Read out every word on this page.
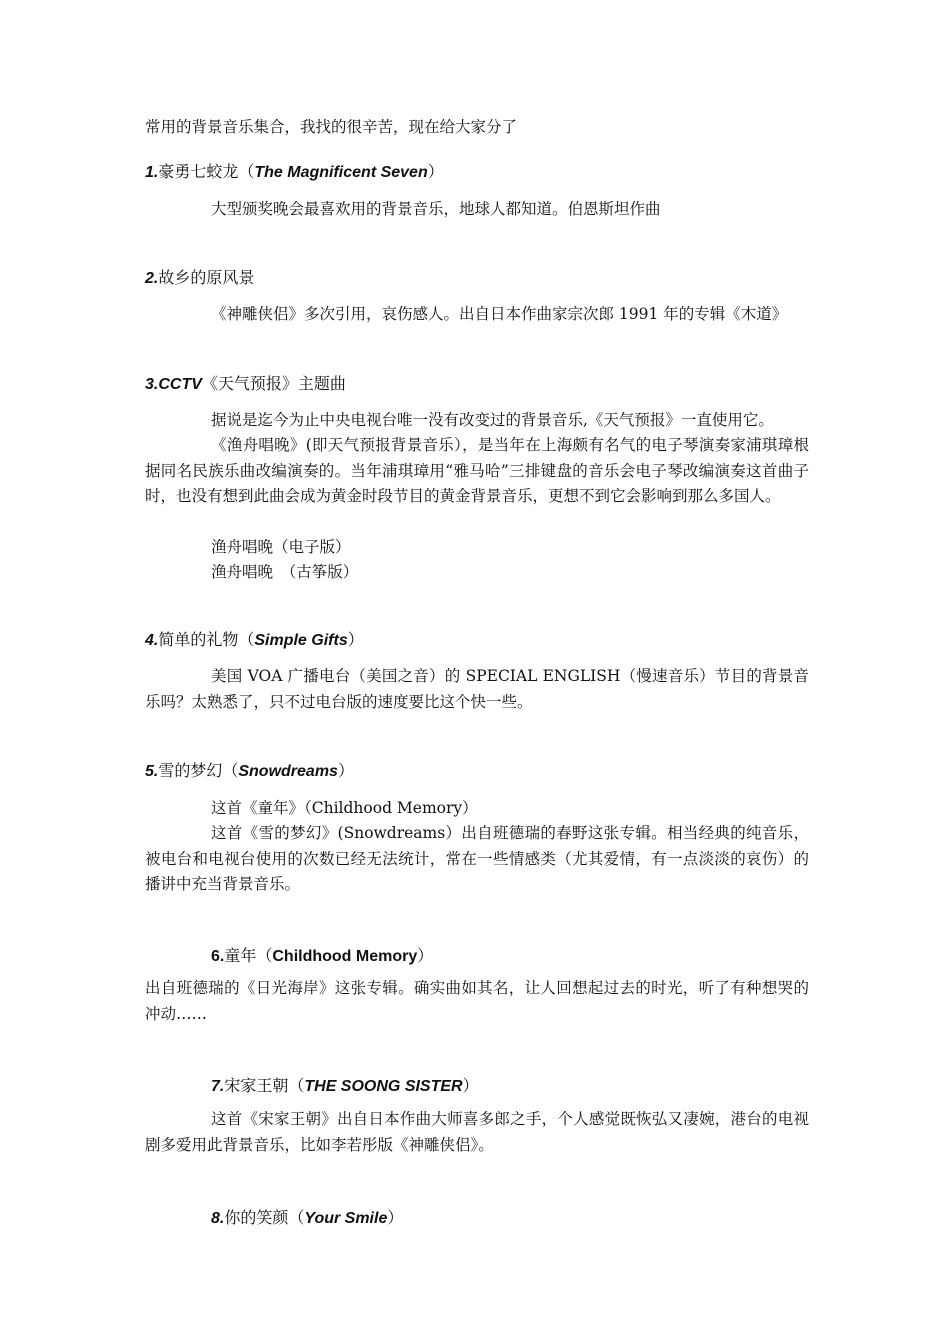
常用的背景音乐集合，我找的很辛苦，现在给大家分了

1.豪勇七蛟龙（The Magnificent Seven）

大型颁奖晚会最喜欢用的背景音乐，地球人都知道。伯恩斯坦作曲

2.故乡的原风景

《神雕侠侣》多次引用，哀伤感人。出自日本作曲家宗次郎 1991 年的专辑《木道》

3.CCTV《天气预报》主题曲

据说是迄今为止中央电视台唯一没有改变过的背景音乐,《天气预报》一直使用它。

《渔舟唱晚》(即天气预报背景音乐），是当年在上海颇有名气的电子琴演奏家浦琪璋根据同名民族乐曲改编演奏的。当年浦琪璋用“雅马哈”三排键盘的音乐会电子琴改编演奏这首曲子时，也没有想到此曲会成为黄金时段节目的黄金背景音乐，更想不到它会影响到那么多国人。

渔舟唱晚（电子版）

渔舟唱晚　（古筝版）

4.简单的礼物（Simple Gifts）

美国 VOA 广播电台（美国之音）的 SPECIAL ENGLISH（慢速音乐）节目的背景音乐吗？太熟悉了，只不过电台版的速度要比这个快一些。

5.雪的梦幻（Snowdreams）

这首《童年》（Childhood Memory）

这首《雪的梦幻》(Snowdreams）出自班德瑞的春野这张专辑。相当经典的纯音乐，被电台和电视台使用的次数已经无法统计，常在一些情感类（尤其爱情，有一点淡淡的哀伤）的播讲中充当背景音乐。

6.童年（Childhood Memory）

出自班德瑞的《日光海岸》这张专辑。确实曲如其名，让人回想起过去的时光，听了有种想哭的冲动……

7.宋家王朝（THE SOONG SISTER）

这首《宋家王朝》出自日本作曲大师喜多郎之手，个人感觉既恢弘又凄婉，港台的电视剧多爱用此背景音乐，比如李若彤版《神雕侠侣》。

8.你的笑颜（Your Smile）
